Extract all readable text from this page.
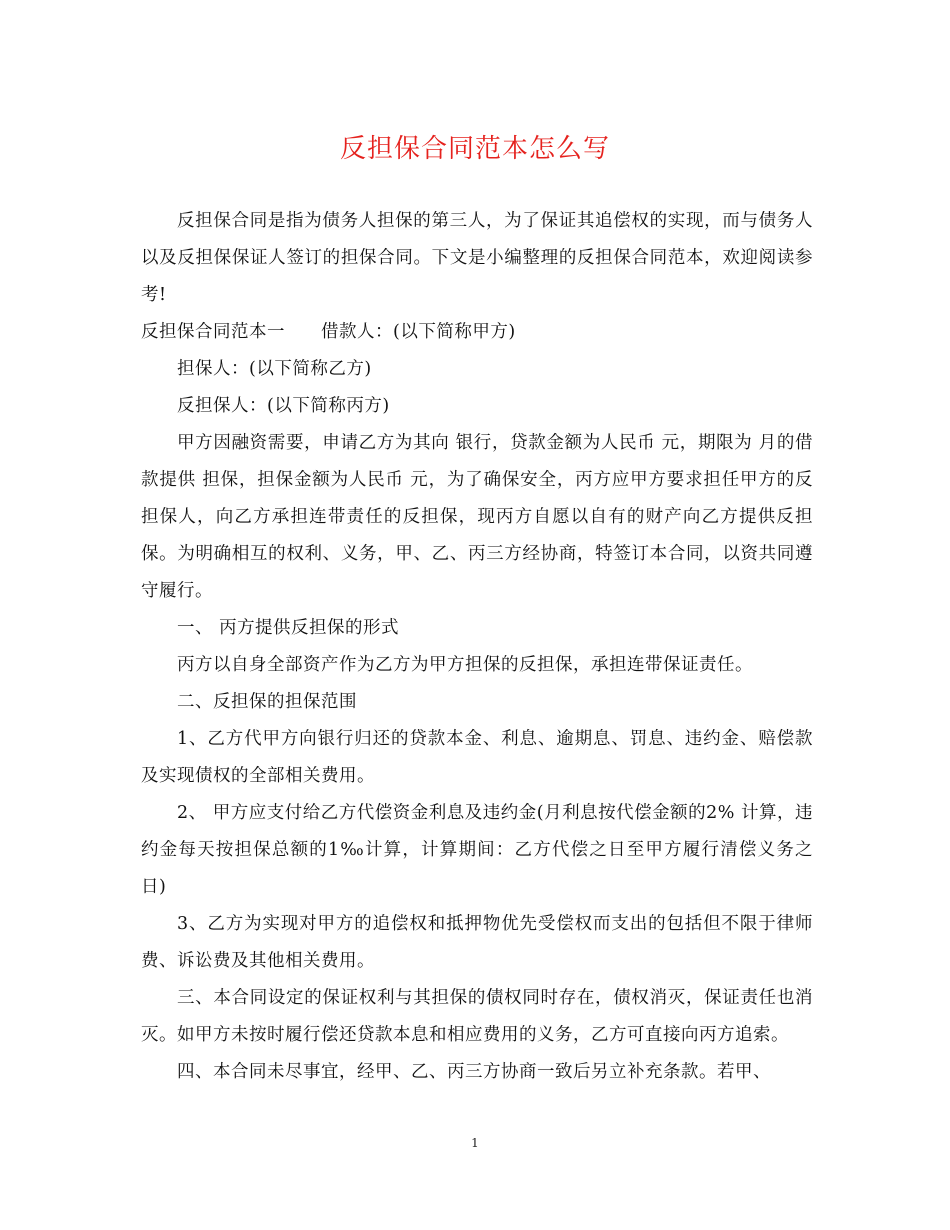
反担保合同范本怎么写

反担保合同是指为债务人担保的第三人，为了保证其追偿权的实现，而与债务人以及反担保保证人签订的担保合同。下文是小编整理的反担保合同范本，欢迎阅读参考!

反担保合同范本一　　借款人：(以下简称甲方)

担保人：(以下简称乙方)

反担保人：(以下简称丙方)

甲方因融资需要，申请乙方为其向 银行，贷款金额为人民币 元，期限为 月的借款提供 担保，担保金额为人民币 元，为了确保安全，丙方应甲方要求担任甲方的反担保人，向乙方承担连带责任的反担保，现丙方自愿以自有的财产向乙方提供反担保。为明确相互的权利、义务，甲、乙、丙三方经协商，特签订本合同，以资共同遵守履行。

一、 丙方提供反担保的形式

丙方以自身全部资产作为乙方为甲方担保的反担保，承担连带保证责任。

二、反担保的担保范围

1、乙方代甲方向银行归还的贷款本金、利息、逾期息、罚息、违约金、赔偿款及实现债权的全部相关费用。

2、 甲方应支付给乙方代偿资金利息及违约金(月利息按代偿金额的2% 计算，违约金每天按担保总额的1‰计算，计算期间：乙方代偿之日至甲方履行清偿义务之日)

3、乙方为实现对甲方的追偿权和抵押物优先受偿权而支出的包括但不限于律师费、诉讼费及其他相关费用。

三、本合同设定的保证权利与其担保的债权同时存在，债权消灭，保证责任也消灭。如甲方未按时履行偿还贷款本息和相应费用的义务，乙方可直接向丙方追索。

四、本合同未尽事宜，经甲、乙、丙三方协商一致后另立补充条款。若甲、

1
